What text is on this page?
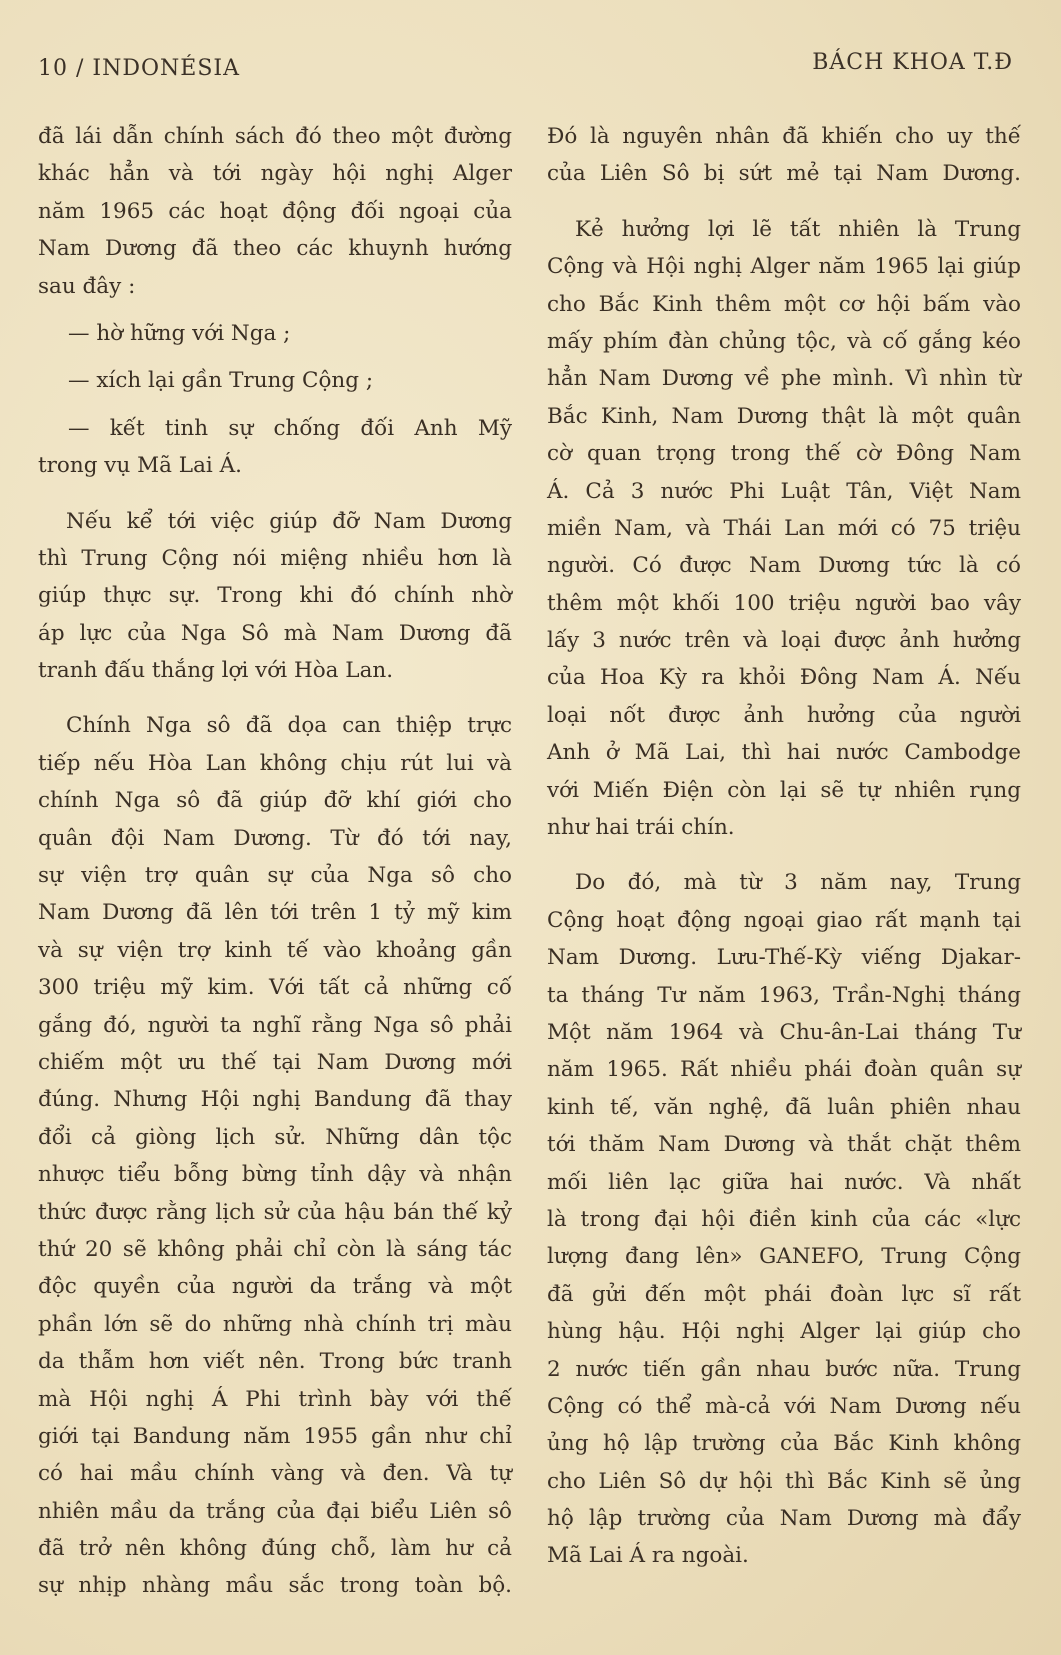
10 / INDONÉSIA	BÁCH KHOA T.Đ
đã lái dẫn chính sách đó theo một đường
khác hẳn và tới ngày hội nghị Alger
năm 1965 các hoạt động đối ngoại của
Nam Dương đã theo các khuynh hướng
sau đây :
— hờ hững với Nga ;
— xích lại gần Trung Cộng ;
— kết tinh sự chống đối Anh Mỹ
trong vụ Mã Lai Á.
Nếu kể tới việc giúp đỡ Nam Dương
thì Trung Cộng nói miệng nhiều hơn là
giúp thực sự. Trong khi đó chính nhờ
áp lực của Nga Sô mà Nam Dương đã
tranh đấu thắng lợi với Hòa Lan.
Chính Nga sô đã dọa can thiệp trực
tiếp nếu Hòa Lan không chịu rút lui và
chính Nga sô đã giúp đỡ khí giới cho
quân đội Nam Dương. Từ đó tới nay,
sự viện trợ quân sự của Nga sô cho
Nam Dương đã lên tới trên 1 tỷ mỹ kim
và sự viện trợ kinh tế vào khoảng gần
300 triệu mỹ kim. Với tất cả những cố
gắng đó, người ta nghĩ rằng Nga sô phải
chiếm một ưu thế tại Nam Dương mới
đúng. Nhưng Hội nghị Bandung đã thay
đổi cả giòng lịch sử. Những dân tộc
nhược tiểu bỗng bừng tỉnh dậy và nhận
thức được rằng lịch sử của hậu bán thế kỷ
thứ 20 sẽ không phải chỉ còn là sáng tác
độc quyền của người da trắng và một
phần lớn sẽ do những nhà chính trị màu
da thẫm hơn viết nên. Trong bức tranh
mà Hội nghị Á Phi trình bày với thế
giới tại Bandung năm 1955 gần như chỉ
có hai mầu chính vàng và đen. Và tự
nhiên mầu da trắng của đại biểu Liên sô
đã trở nên không đúng chỗ, làm hư cả
sự nhịp nhàng mầu sắc trong toàn bộ.
Đó là nguyên nhân đã khiến cho uy thế
của Liên Sô bị sứt mẻ tại Nam Dương.
Kẻ hưởng lợi lẽ tất nhiên là Trung
Cộng và Hội nghị Alger năm 1965 lại giúp
cho Bắc Kinh thêm một cơ hội bấm vào
mấy phím đàn chủng tộc, và cố gắng kéo
hẳn Nam Dương về phe mình. Vì nhìn từ
Bắc Kinh, Nam Dương thật là một quân
cờ quan trọng trong thế cờ Đông Nam
Á. Cả 3 nước Phi Luật Tân, Việt Nam
miền Nam, và Thái Lan mới có 75 triệu
người. Có được Nam Dương tức là có
thêm một khối 100 triệu người bao vây
lấy 3 nước trên và loại được ảnh hưởng
của Hoa Kỳ ra khỏi Đông Nam Á. Nếu
loại nốt được ảnh hưởng của người
Anh ở Mã Lai, thì hai nước Cambodge
với Miến Điện còn lại sẽ tự nhiên rụng
như hai trái chín.
Do đó, mà từ 3 năm nay, Trung
Cộng hoạt động ngoại giao rất mạnh tại
Nam Dương. Lưu-Thế-Kỳ viếng Djakar-
ta tháng Tư năm 1963, Trần-Nghị tháng
Một năm 1964 và Chu-ân-Lai tháng Tư
năm 1965. Rất nhiều phái đoàn quân sự
kinh tế, văn nghệ, đã luân phiên nhau
tới thăm Nam Dương và thắt chặt thêm
mối liên lạc giữa hai nước. Và nhất
là trong đại hội điền kinh của các «lực
lượng đang lên» GANEFO, Trung Cộng
đã gửi đến một phái đoàn lực sĩ rất
hùng hậu. Hội nghị Alger lại giúp cho
2 nước tiến gần nhau bước nữa. Trung
Cộng có thể mà-cả với Nam Dương nếu
ủng hộ lập trường của Bắc Kinh không
cho Liên Sô dự hội thì Bắc Kinh sẽ ủng
hộ lập trường của Nam Dương mà đẩy
Mã Lai Á ra ngoài.
